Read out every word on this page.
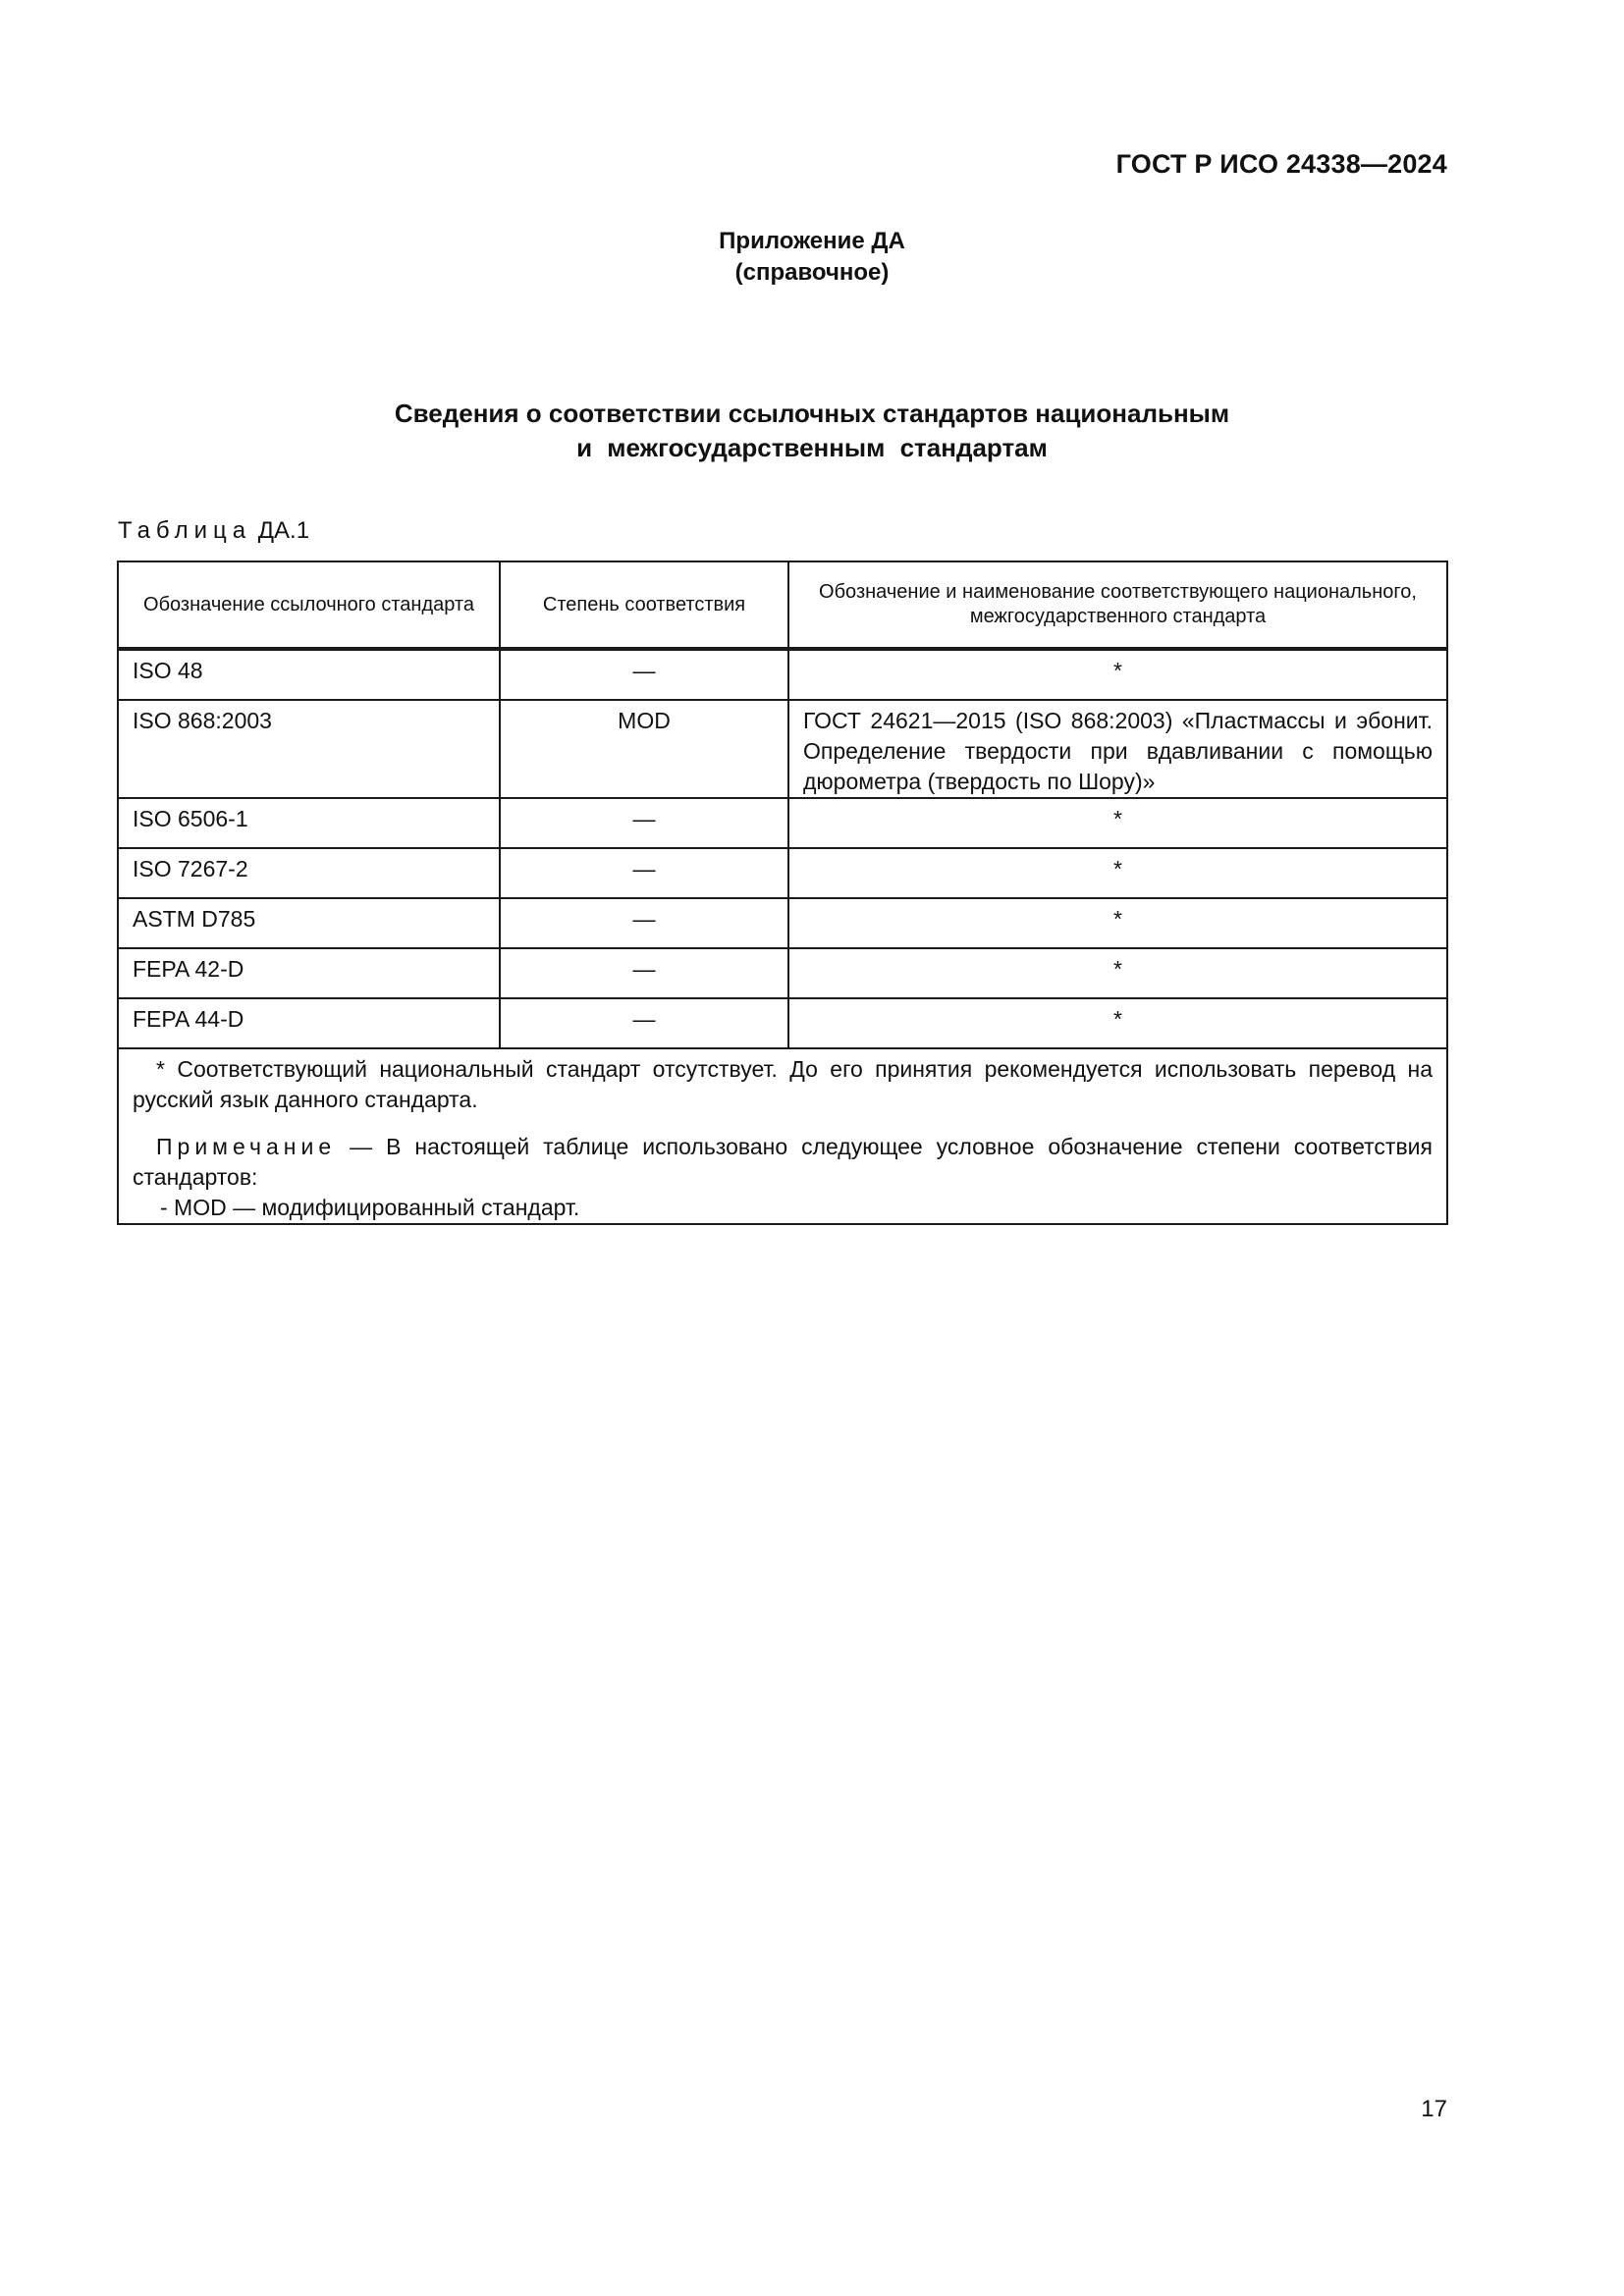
ГОСТ Р ИСО 24338—2024
Приложение ДА
(справочное)
Сведения о соответствии ссылочных стандартов национальным
и межгосударственным стандартам
Таблица ДА.1
Обозначение ссылочного стандарта	Степень соответствия	Обозначение и наименование соответствующего национального, межгосударственного стандарта
ISO 48	—	*
ISO 868:2003	MOD	ГОСТ 24621—2015 (ISO 868:2003) «Пластмассы и эбонит. Определение твердости при вдавливании с помощью дюрометра (твердость по Шору)»
ISO 6506-1	—	*
ISO 7267-2	—	*
ASTM D785	—	*
FEPA 42-D	—	*
FEPA 44-D	—	*

* Соответствующий национальный стандарт отсутствует. До его принятия рекомендуется использовать перевод на русский язык данного стандарта.

Примечание — В настоящей таблице использовано следующее условное обозначение степени соответствия стандартов:

- MOD — модифицированный стандарт.		

17
